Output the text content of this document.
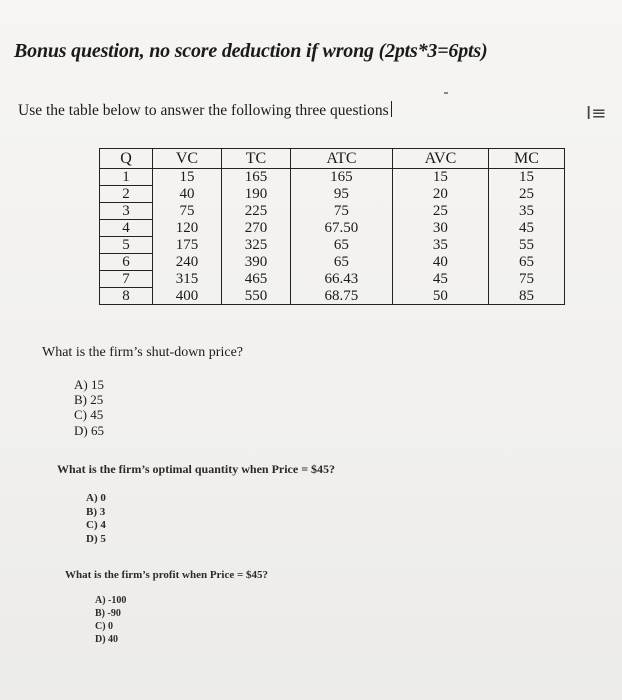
Bonus question, no score deduction if wrong (2pts*3=6pts)
Use the table below to answer the following three questions	I≡
Q	VC	TC	ATC	AVC	MC
1	15	165	165	15	15
2	40	190	95	20	25
3	75	225	75	25	35
4	120	270	67.50	30	45
5	175	325	65	35	55
6	240	390	65	40	65
7	315	465	66.43	45	75
8	400	550	68.75	50	85
What is the firm’s shut-down price?
A) 15
B) 25
C) 45
D) 65
What is the firm’s optimal quantity when Price = $45?
A) 0
B) 3
C) 4
D) 5
What is the firm’s profit when Price = $45?
A) -100
B) -90
C) 0
D) 40
